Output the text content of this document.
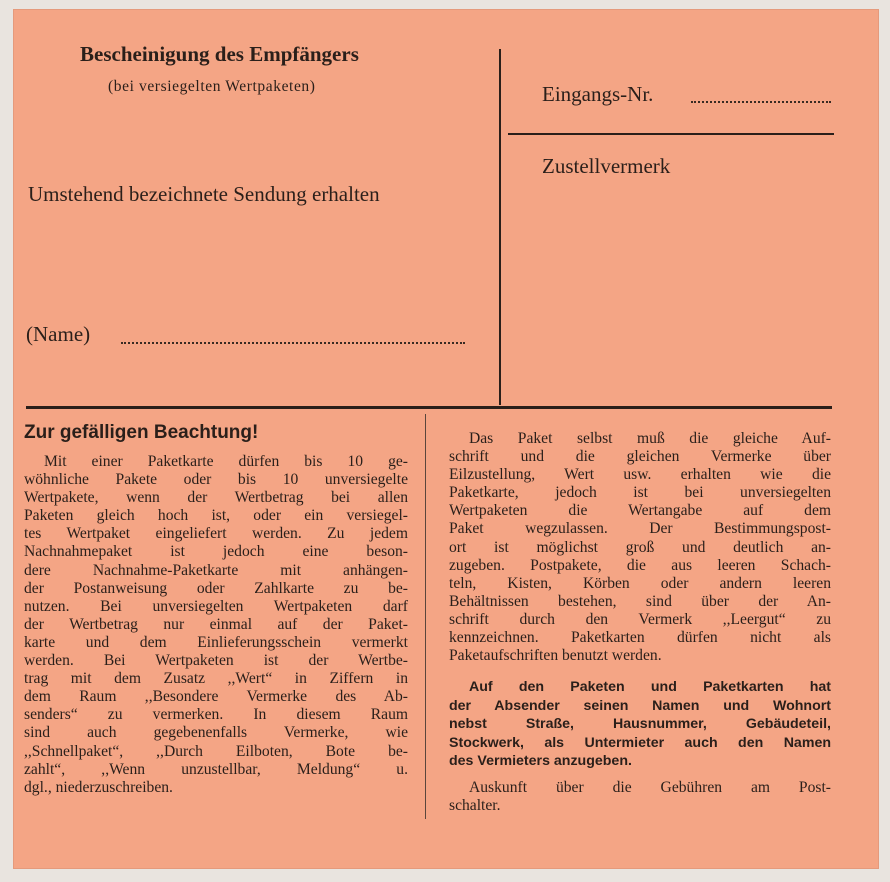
Bescheinigung des Empfängers
(bei versiegelten Wertpaketen)
Umstehend bezeichnete Sendung erhalten
(Name)
Eingangs-Nr.
Zustellvermerk
Zur gefälligen Beachtung!
Mit einer Paketkarte dürfen bis 10 ge-
wöhnliche Pakete oder bis 10 unversiegelte
Wertpakete, wenn der Wertbetrag bei allen
Paketen gleich hoch ist, oder ein versiegel-
tes Wertpaket eingeliefert werden. Zu jedem
Nachnahmepaket ist jedoch eine beson-
dere Nachnahme-Paketkarte mit anhängen-
der Postanweisung oder Zahlkarte zu be-
nutzen. Bei unversiegelten Wertpaketen darf
der Wertbetrag nur einmal auf der Paket-
karte und dem Einlieferungsschein vermerkt
werden. Bei Wertpaketen ist der Wertbe-
trag mit dem Zusatz ,,Wert“ in Ziffern in
dem Raum ,,Besondere Vermerke des Ab-
senders“ zu vermerken. In diesem Raum
sind auch gegebenenfalls Vermerke, wie
,,Schnellpaket“, ,,Durch Eilboten, Bote be-
zahlt“, ,,Wenn unzustellbar, Meldung“ u.
dgl., niederzuschreiben.
Das Paket selbst muß die gleiche Auf-
schrift und die gleichen Vermerke über
Eilzustellung, Wert usw. erhalten wie die
Paketkarte, jedoch ist bei unversiegelten
Wertpaketen die Wertangabe auf dem
Paket wegzulassen. Der Bestimmungspost-
ort ist möglichst groß und deutlich an-
zugeben. Postpakete, die aus leeren Schach-
teln, Kisten, Körben oder andern leeren
Behältnissen bestehen, sind über der An-
schrift durch den Vermerk ,,Leergut“ zu
kennzeichnen. Paketkarten dürfen nicht als
Paketaufschriften benutzt werden.
Auf den Paketen und Paketkarten hat
der Absender seinen Namen und Wohnort
nebst Straße, Hausnummer, Gebäudeteil,
Stockwerk, als Untermieter auch den Namen
des Vermieters anzugeben.
Auskunft über die Gebühren am Post-
schalter.
